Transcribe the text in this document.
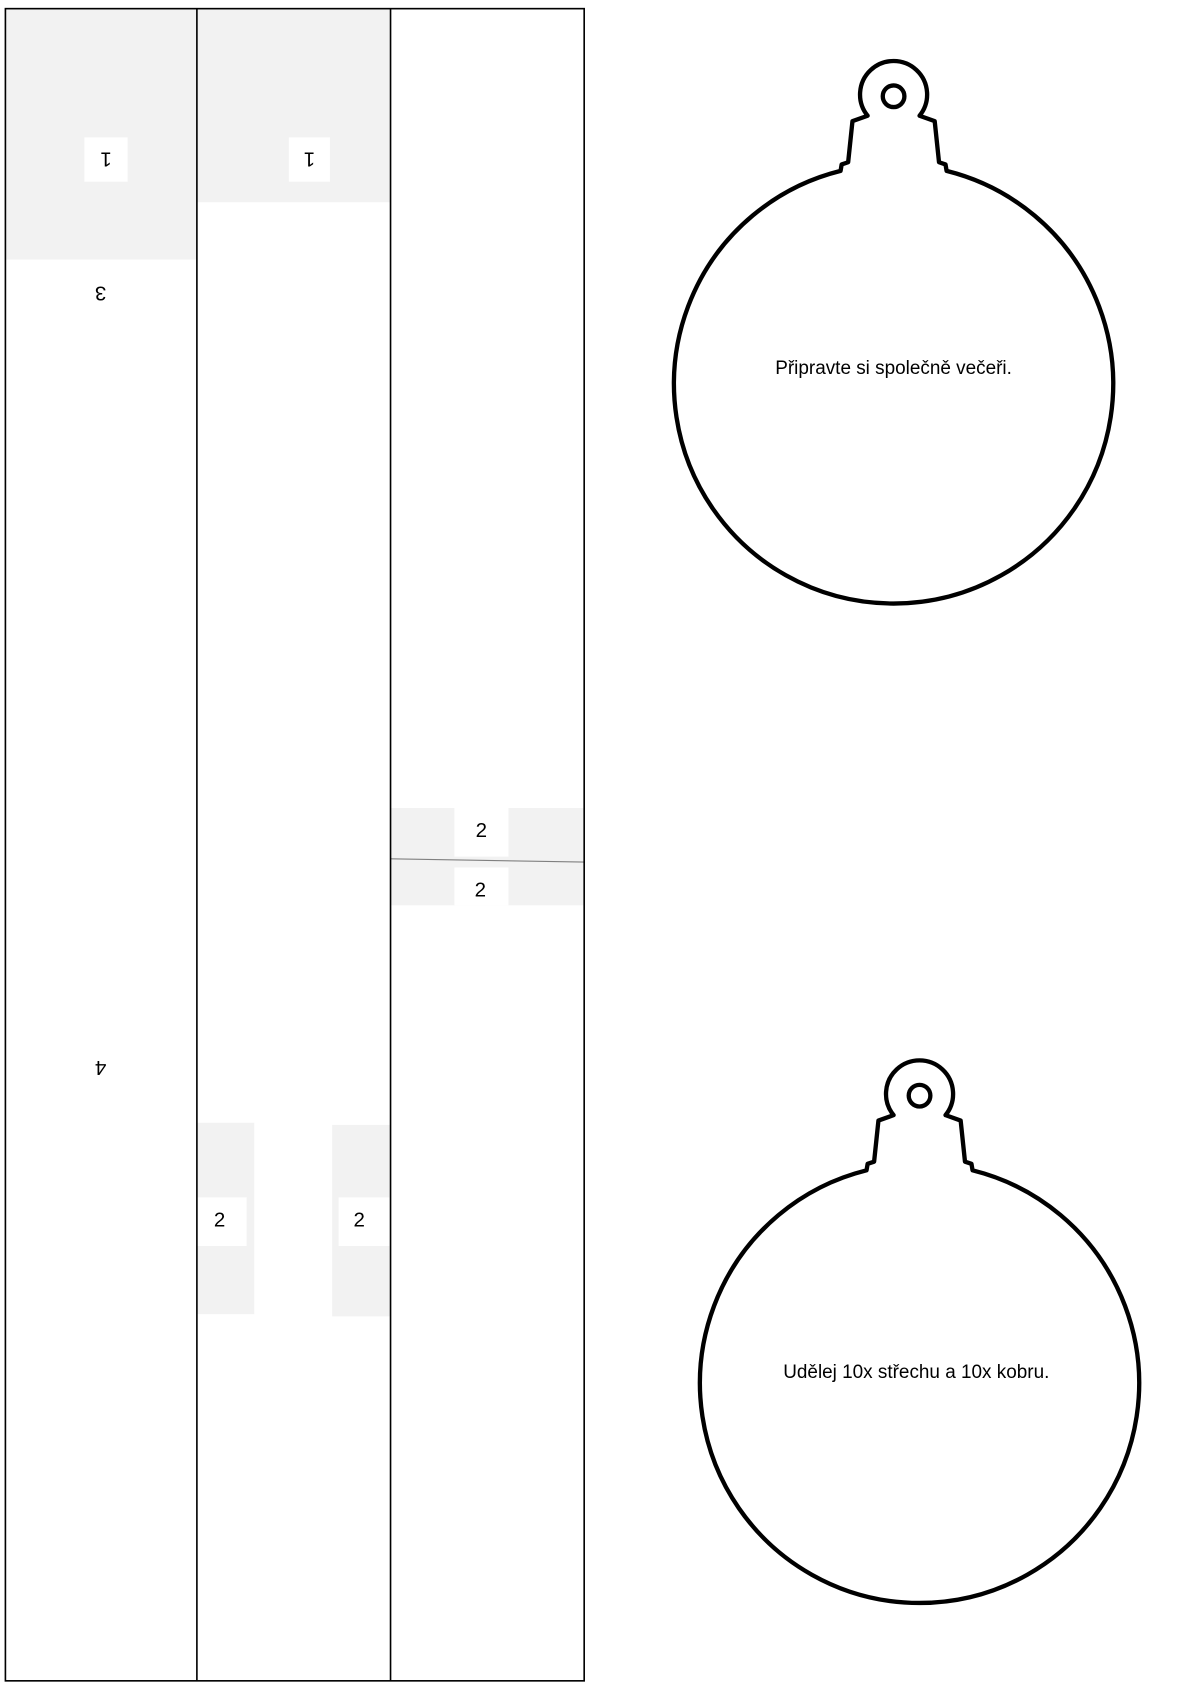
1	1
3
4
2
2
2	2
Připravte si společně večeři.
Udělej 10x střechu a 10x kobru.
